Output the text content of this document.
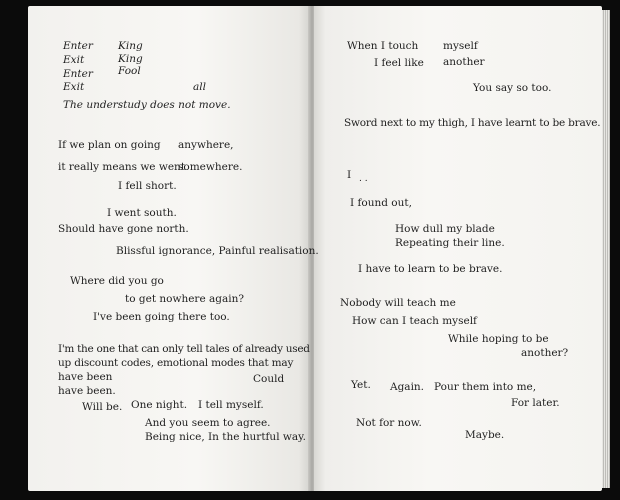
Enter King
Exit	King
Enter Fool
Exit	all
The understudy does not move.
If we plan on going anywhere,
it really means we went
somewhere.
I fell short.
I went south.
Should have gone north.
Blissful ignorance, Painful realisation.
Where did you go
to get nowhere again?
I've been going there too.
I'm the one that can only tell tales of already used
up discount codes, emotional modes that may
have been	Could
have been.
Will be. One night. I tell myself.
And you seem to agree.
Being nice, In the hurtful way.
When I touch myself
I feel like another
You say so too.
Sword next to my thigh, I have learnt to be brave.
I . .
I found out,
How dull my blade
Repeating their line.
I have to learn to be brave.
Nobody will teach me
How can I teach myself
While hoping to be
another?
Yet. Again. Pour them into me,
For later.
Not for now.
Maybe.
